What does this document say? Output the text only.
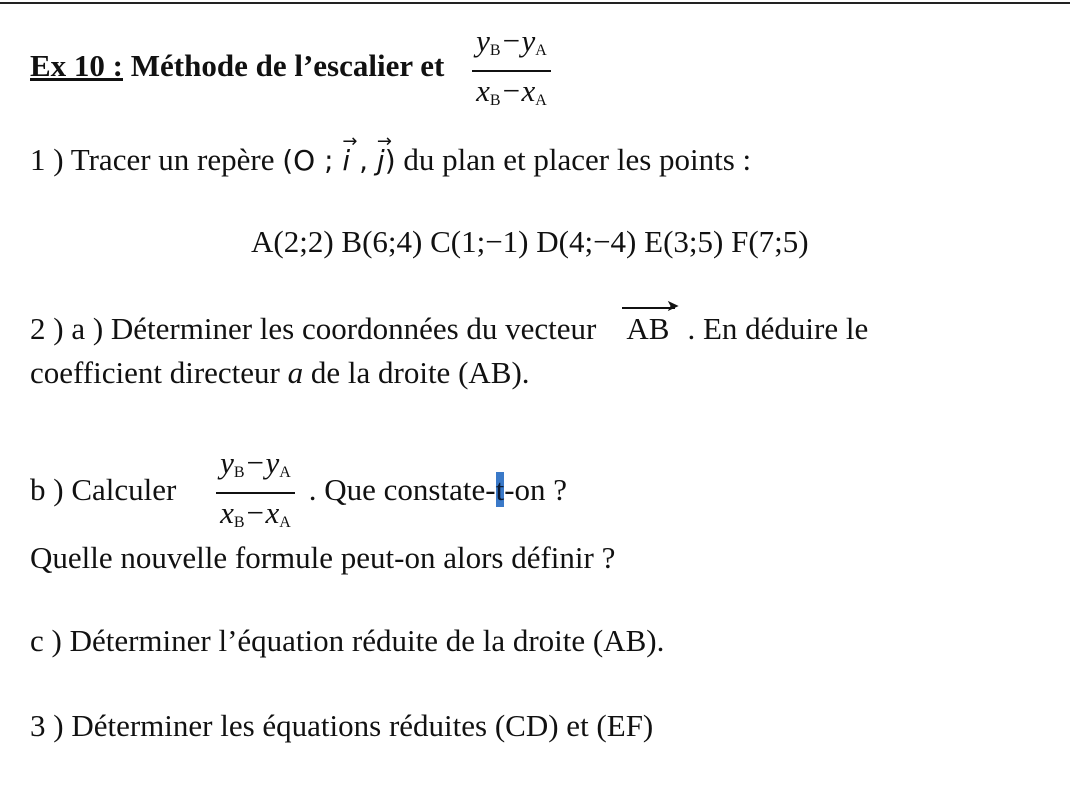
Ex 10 : Méthode de l’escalier et $\frac{y_B-y_A}{x_B-x_A}$
1 ) Tracer un repère (O ;
→
i ,
→
j) du plan et placer les points :
A(2;2) B(6;4) C(1;−1) D(4;−4) E(3;5) F(7;5)
2 ) a ) Déterminer les coordonnées du vecteur
➤
AB . En déduire le
coefficient directeur a de la droite (AB).
b ) Calculer $\frac{y_B-y_A}{x_B-x_A}$ . Que constate-t-on ?
Quelle nouvelle formule peut-on alors définir ?
c ) Déterminer l’équation réduite de la droite (AB).
3 ) Déterminer les équations réduites (CD) et (EF)
